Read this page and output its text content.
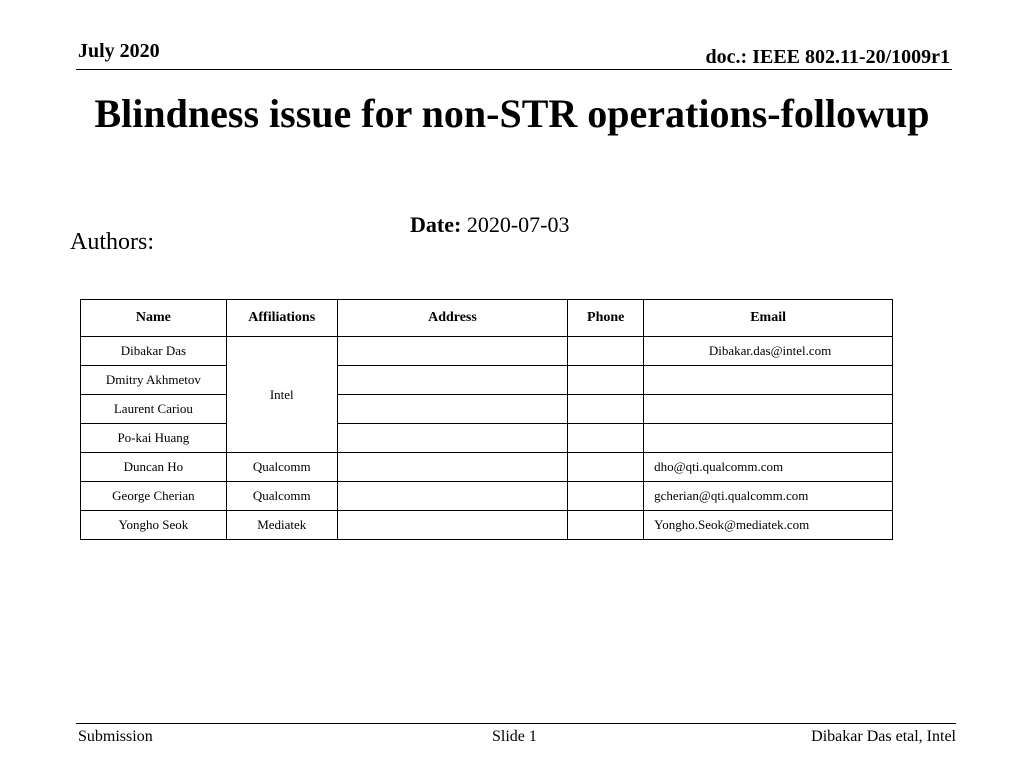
July 2020	doc.: IEEE 802.11-20/1009r1
Blindness issue for non-STR operations-followup
Date: 2020-07-03
Authors:
Name	Affiliations	Address	Phone	Email
Dibakar Das	Intel			Dibakar.das@intel.com
Dmitry Akhmetov				
Laurent Cariou				
Po-kai Huang				
Duncan Ho	Qualcomm			dho@qti.qualcomm.com
George Cherian	Qualcomm			gcherian@qti.qualcomm.com
Yongho Seok	Mediatek			Yongho.Seok@mediatek.com
Submission	Slide 1	Dibakar Das etal, Intel
